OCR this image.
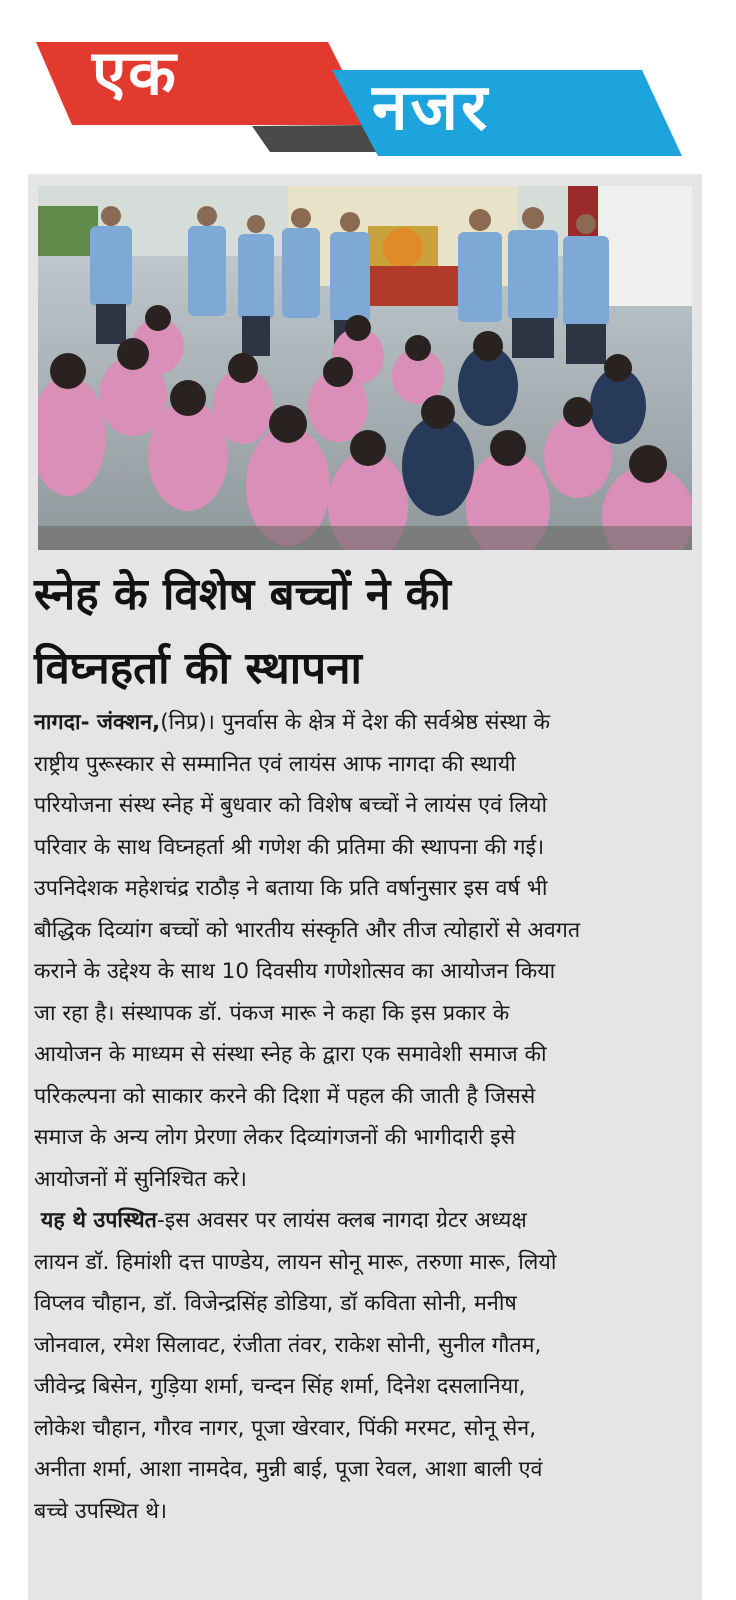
एक	नजर
स्नेह के विशेष बच्चों ने की
विघ्नहर्ता की स्थापना
नागदा- जंक्शन,(निप्र)। पुनर्वास के क्षेत्र में देश की सर्वश्रेष्ठ संस्था के
राष्ट्रीय पुरूस्कार से सम्मानित एवं लायंस आफ नागदा की स्थायी
परियोजना संस्थ स्नेह में बुधवार को विशेष बच्चों ने लायंस एवं लियो
परिवार के साथ विघ्नहर्ता श्री गणेश की प्रतिमा की स्थापना की गई।
उपनिदेशक महेशचंद्र राठौड़ ने बताया कि प्रति वर्षानुसार इस वर्ष भी
बौद्धिक दिव्यांग बच्चों को भारतीय संस्कृति और तीज त्योहारों से अवगत
कराने के उद्देश्य के साथ 10 दिवसीय गणेशोत्सव का आयोजन किया
जा रहा है। संस्थापक डॉ. पंकज मारू ने कहा कि इस प्रकार के
आयोजन के माध्यम से संस्था स्नेह के द्वारा एक समावेशी समाज की
परिकल्पना को साकार करने की दिशा में पहल की जाती है जिससे
समाज के अन्य लोग प्रेरणा लेकर दिव्यांगजनों की भागीदारी इसे
आयोजनों में सुनिश्चित करे।
यह थे उपस्थित-इस अवसर पर लायंस क्लब नागदा ग्रेटर अध्यक्ष
लायन डॉ. हिमांशी दत्त पाण्डेय, लायन सोनू मारू, तरुणा मारू, लियो
विप्लव चौहान, डॉ. विजेन्द्रसिंह डोडिया, डॉ कविता सोनी, मनीष
जोनवाल, रमेश सिलावट, रंजीता तंवर, राकेश सोनी, सुनील गौतम,
जीवेन्द्र बिसेन, गुड़िया शर्मा, चन्दन सिंह शर्मा, दिनेश दसलानिया,
लोकेश चौहान, गौरव नागर, पूजा खेरवार, पिंकी मरमट, सोनू सेन,
अनीता शर्मा, आशा नामदेव, मुन्नी बाई, पूजा रेवल, आशा बाली एवं
बच्चे उपस्थित थे।
